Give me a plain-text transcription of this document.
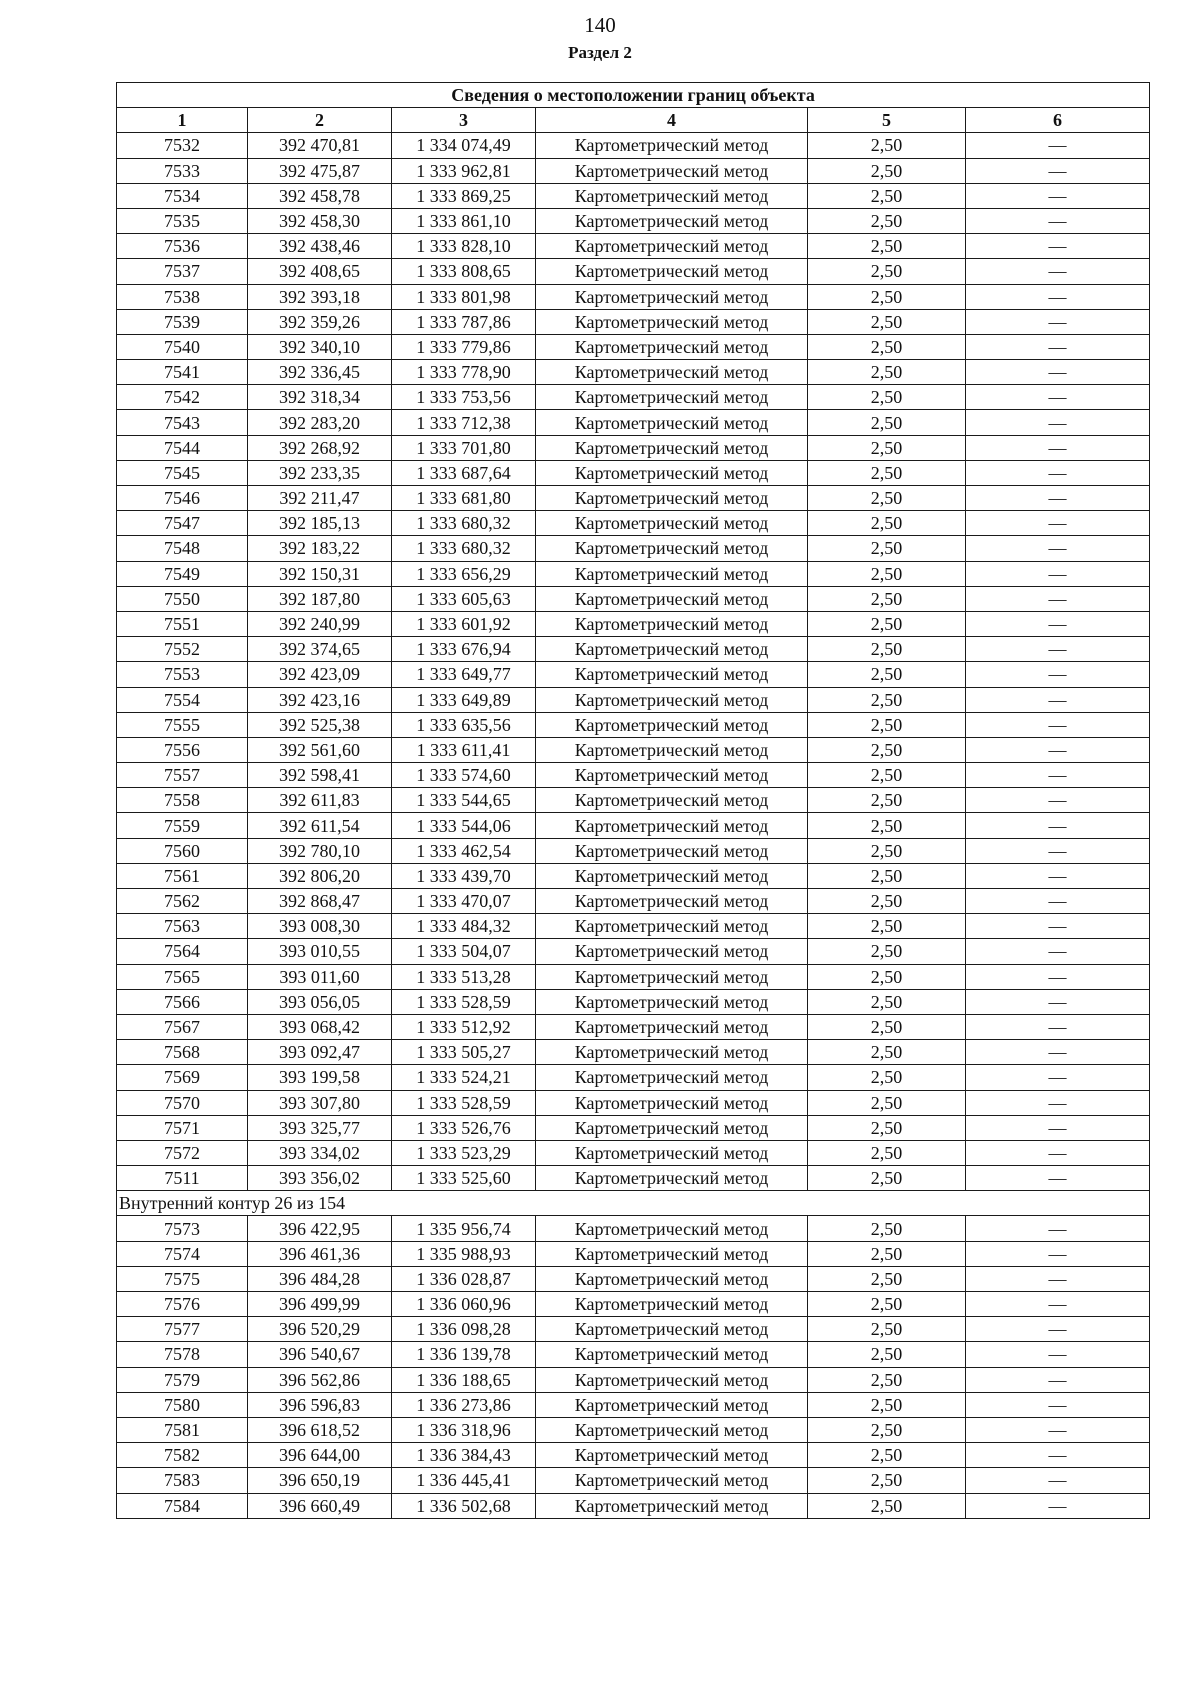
140
Раздел 2
Сведения о местоположении границ объекта					
1	2	3	4	5	6
7532	392 470,81	1 334 074,49	Картометрический метод	2,50	—
7533	392 475,87	1 333 962,81	Картометрический метод	2,50	—
7534	392 458,78	1 333 869,25	Картометрический метод	2,50	—
7535	392 458,30	1 333 861,10	Картометрический метод	2,50	—
7536	392 438,46	1 333 828,10	Картометрический метод	2,50	—
7537	392 408,65	1 333 808,65	Картометрический метод	2,50	—
7538	392 393,18	1 333 801,98	Картометрический метод	2,50	—
7539	392 359,26	1 333 787,86	Картометрический метод	2,50	—
7540	392 340,10	1 333 779,86	Картометрический метод	2,50	—
7541	392 336,45	1 333 778,90	Картометрический метод	2,50	—
7542	392 318,34	1 333 753,56	Картометрический метод	2,50	—
7543	392 283,20	1 333 712,38	Картометрический метод	2,50	—
7544	392 268,92	1 333 701,80	Картометрический метод	2,50	—
7545	392 233,35	1 333 687,64	Картометрический метод	2,50	—
7546	392 211,47	1 333 681,80	Картометрический метод	2,50	—
7547	392 185,13	1 333 680,32	Картометрический метод	2,50	—
7548	392 183,22	1 333 680,32	Картометрический метод	2,50	—
7549	392 150,31	1 333 656,29	Картометрический метод	2,50	—
7550	392 187,80	1 333 605,63	Картометрический метод	2,50	—
7551	392 240,99	1 333 601,92	Картометрический метод	2,50	—
7552	392 374,65	1 333 676,94	Картометрический метод	2,50	—
7553	392 423,09	1 333 649,77	Картометрический метод	2,50	—
7554	392 423,16	1 333 649,89	Картометрический метод	2,50	—
7555	392 525,38	1 333 635,56	Картометрический метод	2,50	—
7556	392 561,60	1 333 611,41	Картометрический метод	2,50	—
7557	392 598,41	1 333 574,60	Картометрический метод	2,50	—
7558	392 611,83	1 333 544,65	Картометрический метод	2,50	—
7559	392 611,54	1 333 544,06	Картометрический метод	2,50	—
7560	392 780,10	1 333 462,54	Картометрический метод	2,50	—
7561	392 806,20	1 333 439,70	Картометрический метод	2,50	—
7562	392 868,47	1 333 470,07	Картометрический метод	2,50	—
7563	393 008,30	1 333 484,32	Картометрический метод	2,50	—
7564	393 010,55	1 333 504,07	Картометрический метод	2,50	—
7565	393 011,60	1 333 513,28	Картометрический метод	2,50	—
7566	393 056,05	1 333 528,59	Картометрический метод	2,50	—
7567	393 068,42	1 333 512,92	Картометрический метод	2,50	—
7568	393 092,47	1 333 505,27	Картометрический метод	2,50	—
7569	393 199,58	1 333 524,21	Картометрический метод	2,50	—
7570	393 307,80	1 333 528,59	Картометрический метод	2,50	—
7571	393 325,77	1 333 526,76	Картометрический метод	2,50	—
7572	393 334,02	1 333 523,29	Картометрический метод	2,50	—
7511	393 356,02	1 333 525,60	Картометрический метод	2,50	—
Внутренний контур 26 из 154					
7573	396 422,95	1 335 956,74	Картометрический метод	2,50	—
7574	396 461,36	1 335 988,93	Картометрический метод	2,50	—
7575	396 484,28	1 336 028,87	Картометрический метод	2,50	—
7576	396 499,99	1 336 060,96	Картометрический метод	2,50	—
7577	396 520,29	1 336 098,28	Картометрический метод	2,50	—
7578	396 540,67	1 336 139,78	Картометрический метод	2,50	—
7579	396 562,86	1 336 188,65	Картометрический метод	2,50	—
7580	396 596,83	1 336 273,86	Картометрический метод	2,50	—
7581	396 618,52	1 336 318,96	Картометрический метод	2,50	—
7582	396 644,00	1 336 384,43	Картометрический метод	2,50	—
7583	396 650,19	1 336 445,41	Картометрический метод	2,50	—
7584	396 660,49	1 336 502,68	Картометрический метод	2,50	—
